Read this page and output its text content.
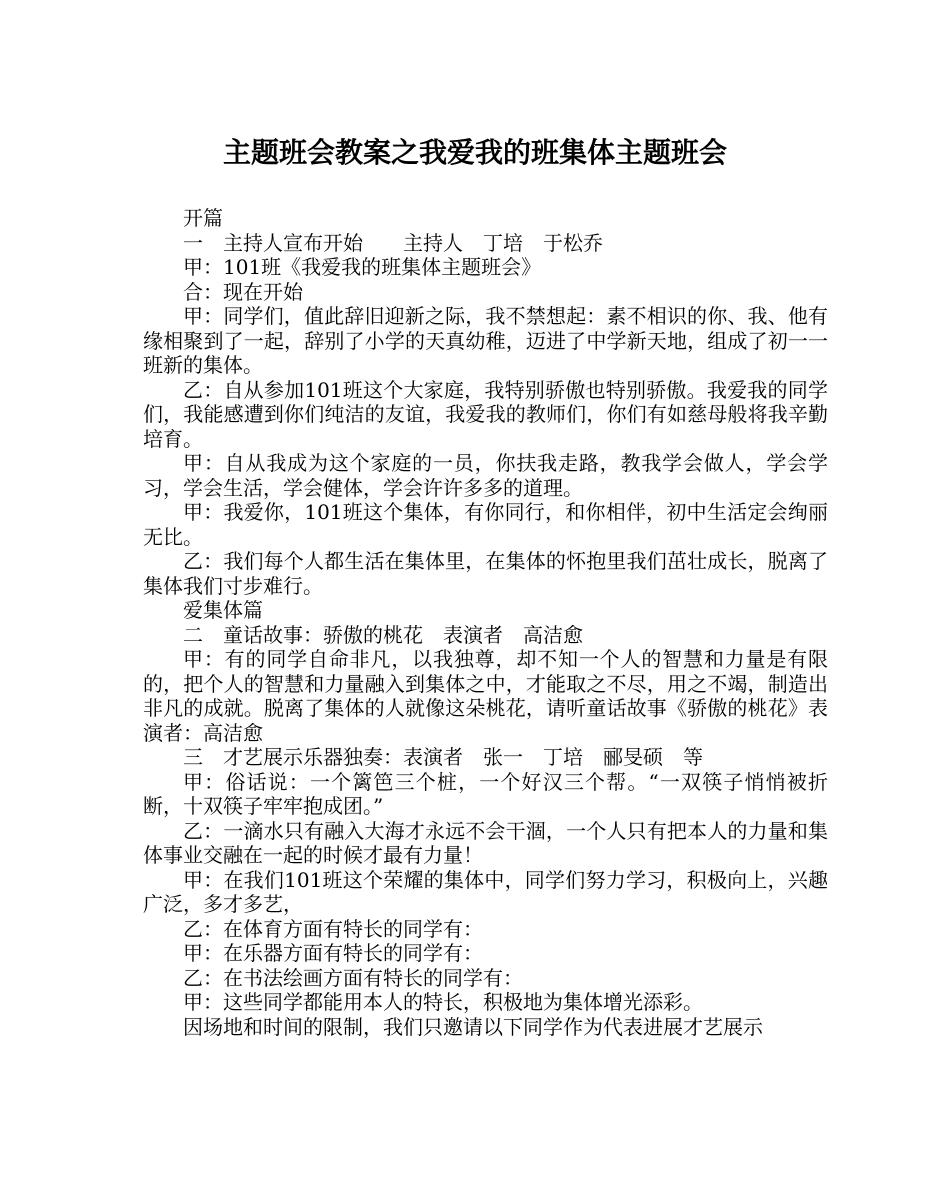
主题班会教案之我爱我的班集体主题班会

开篇

一　主持人宣布开始　　主持人　丁培　于松乔

甲：101班《我爱我的班集体主题班会》

合：现在开始

甲：同学们，值此辞旧迎新之际，我不禁想起：素不相识的你、我、他有缘相聚到了一起，辞别了小学的天真幼稚，迈进了中学新天地，组成了初一一班新的集体。

乙：自从参加101班这个大家庭，我特别骄傲也特别骄傲。我爱我的同学们，我能感遭到你们纯洁的友谊，我爱我的教师们，你们有如慈母般将我辛勤培育。

甲：自从我成为这个家庭的一员，你扶我走路，教我学会做人，学会学习，学会生活，学会健体，学会许许多多的道理。

甲：我爱你，101班这个集体，有你同行，和你相伴，初中生活定会绚丽无比。

乙：我们每个人都生活在集体里，在集体的怀抱里我们茁壮成长，脱离了集体我们寸步难行。

爱集体篇

二　童话故事：骄傲的桃花　表演者　高洁愈

甲：有的同学自命非凡，以我独尊，却不知一个人的智慧和力量是有限的，把个人的智慧和力量融入到集体之中，才能取之不尽，用之不竭，制造出非凡的成就。脱离了集体的人就像这朵桃花，请听童话故事《骄傲的桃花》表演者：高洁愈

三　才艺展示乐器独奏：表演者　张一　丁培　郦旻硕　等

甲：俗话说：一个篱笆三个桩，一个好汉三个帮。“一双筷子悄悄被折断，十双筷子牢牢抱成团。”

乙：一滴水只有融入大海才永远不会干涸，一个人只有把本人的力量和集体事业交融在一起的时候才最有力量！

甲：在我们101班这个荣耀的集体中，同学们努力学习，积极向上，兴趣广泛，多才多艺，

乙：在体育方面有特长的同学有：

甲：在乐器方面有特长的同学有：

乙：在书法绘画方面有特长的同学有：

甲：这些同学都能用本人的特长，积极地为集体增光添彩。

因场地和时间的限制，我们只邀请以下同学作为代表进展才艺展示
